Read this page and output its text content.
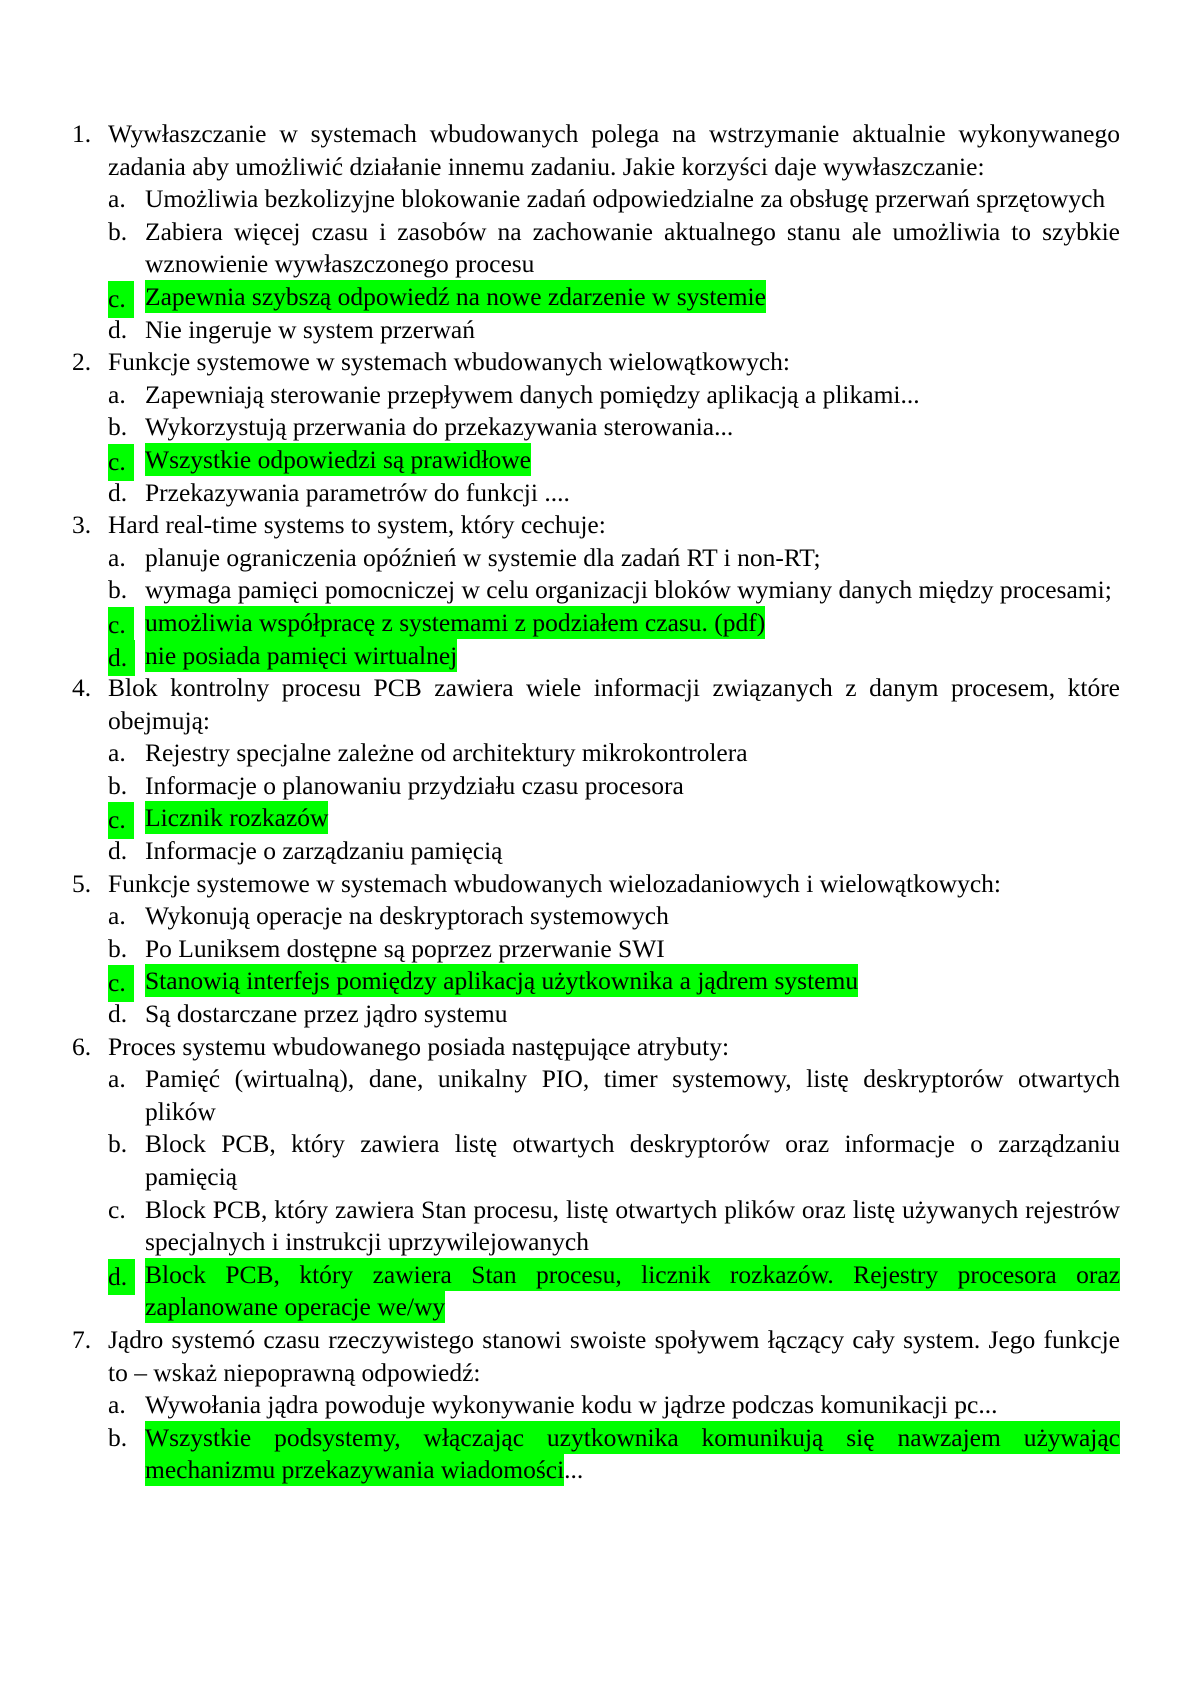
1. Wywłaszczanie w systemach wbudowanych polega na wstrzymanie aktualnie wykonywanego zadania aby umożliwić działanie innemu zadaniu. Jakie korzyści daje wywłaszczanie:
a. Umożliwia bezkolizyjne blokowanie zadań odpowiedzialne za obsługę przerwań sprzętowych
b. Zabiera więcej czasu i zasobów na zachowanie aktualnego stanu ale umożliwia to szybkie wznowienie wywłaszczonego procesu
c. Zapewnia szybszą odpowiedź na nowe zdarzenie w systemie
d. Nie ingeruje w system przerwań
2. Funkcje systemowe w systemach wbudowanych wielowątkowych:
a. Zapewniają sterowanie przepływem danych pomiędzy aplikacją a plikami...
b. Wykorzystują przerwania do przekazywania sterowania...
c. Wszystkie odpowiedzi są prawidłowe
d. Przekazywania parametrów do funkcji ....
3. Hard real-time systems to system, który cechuje:
a. planuje ograniczenia opóźnień w systemie dla zadań RT i non-RT;
b. wymaga pamięci pomocniczej w celu organizacji bloków wymiany danych między procesami;
c. umożliwia współpracę z systemami z podziałem czasu. (pdf)
d. nie posiada pamięci wirtualnej
4. Blok kontrolny procesu PCB zawiera wiele informacji związanych z danym procesem, które obejmują:
a. Rejestry specjalne zależne od architektury mikrokontrolera
b. Informacje o planowaniu przydziału czasu procesora
c. Licznik rozkazów
d. Informacje o zarządzaniu pamięcią
5. Funkcje systemowe w systemach wbudowanych wielozadaniowych i wielowątkowych:
a. Wykonują operacje na deskryptorach systemowych
b. Po Luniksem dostępne są poprzez przerwanie SWI
c. Stanowią interfejs pomiędzy aplikacją użytkownika a jądrem systemu
d. Są dostarczane przez jądro systemu
6. Proces systemu wbudowanego posiada następujące atrybuty:
a. Pamięć (wirtualną), dane, unikalny PIO, timer systemowy, listę deskryptorów otwartych plików
b. Block PCB, który zawiera listę otwartych deskryptorów oraz informacje o zarządzaniu pamięcią
c. Block PCB, który zawiera Stan procesu, listę otwartych plików oraz listę używanych rejestrów specjalnych i instrukcji uprzywilejowanych
d. Block PCB, który zawiera Stan procesu, licznik rozkazów. Rejestry procesora oraz zaplanowane operacje we/wy
7. Jądro systemó czasu rzeczywistego stanowi swoiste społywem łączący cały system. Jego funkcje to – wskaż niepoprawną odpowiedź:
a. Wywołania jądra powoduje wykonywanie kodu w jądrze podczas komunikacji pc...
b. Wszystkie podsystemy, włączając uzytkownika komunikują się nawzajem używając mechanizmu przekazywania wiadomości...
